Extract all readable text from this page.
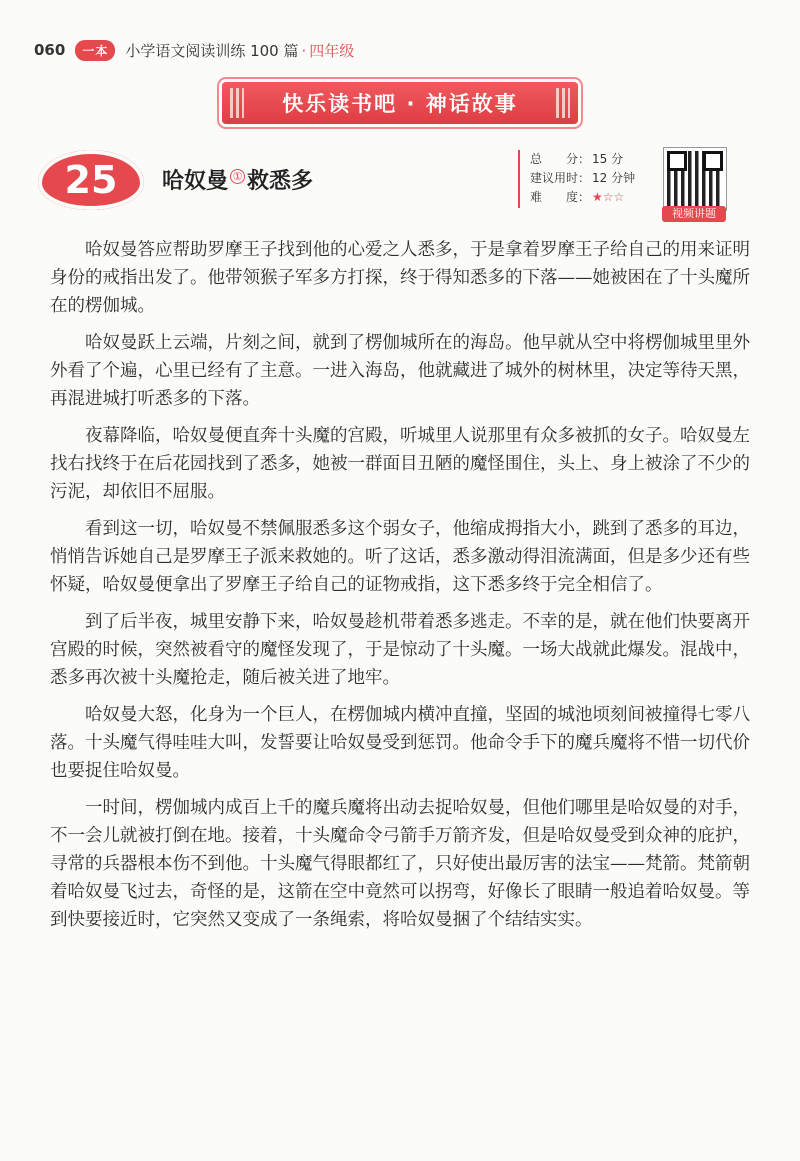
060	一本	小学语文阅读训练 100 篇 · 四年级
快乐读书吧 · 神话故事
25 哈奴曼 ① 救悉多
总　　分： 15 分
建议用时： 12 分钟
难　　度： ★☆☆
视频讲题

哈奴曼答应帮助罗摩王子找到他的心爱之人悉多，于是拿着罗摩王子给自己的用来证明身份的戒指出发了。他带领猴子军多方打探，终于得知悉多的下落——她被困在了十头魔所在的楞伽城。

哈奴曼跃上云端，片刻之间，就到了楞伽城所在的海岛。他早就从空中将楞伽城里里外外看了个遍，心里已经有了主意。一进入海岛，他就藏进了城外的树林里，决定等待天黑，再混进城打听悉多的下落。

夜幕降临，哈奴曼便直奔十头魔的宫殿，听城里人说那里有众多被抓的女子。哈奴曼左找右找终于在后花园找到了悉多，她被一群面目丑陋的魔怪围住，头上、身上被涂了不少的污泥，却依旧不屈服。

看到这一切，哈奴曼不禁佩服悉多这个弱女子，他缩成拇指大小，跳到了悉多的耳边，悄悄告诉她自己是罗摩王子派来救她的。听了这话，悉多激动得泪流满面，但是多少还有些怀疑，哈奴曼便拿出了罗摩王子给自己的证物戒指，这下悉多终于完全相信了。

到了后半夜，城里安静下来，哈奴曼趁机带着悉多逃走。不幸的是，就在他们快要离开宫殿的时候，突然被看守的魔怪发现了，于是惊动了十头魔。一场大战就此爆发。混战中，悉多再次被十头魔抢走，随后被关进了地牢。

哈奴曼大怒，化身为一个巨人，在楞伽城内横冲直撞，坚固的城池顷刻间被撞得七零八落。十头魔气得哇哇大叫，发誓要让哈奴曼受到惩罚。他命令手下的魔兵魔将不惜一切代价也要捉住哈奴曼。

一时间，楞伽城内成百上千的魔兵魔将出动去捉哈奴曼，但他们哪里是哈奴曼的对手，不一会儿就被打倒在地。接着，十头魔命令弓箭手万箭齐发，但是哈奴曼受到众神的庇护，寻常的兵器根本伤不到他。十头魔气得眼都红了，只好使出最厉害的法宝——梵箭。梵箭朝着哈奴曼飞过去，奇怪的是，这箭在空中竟然可以拐弯，好像长了眼睛一般追着哈奴曼。等到快要接近时，它突然又变成了一条绳索，将哈奴曼捆了个结结实实。
